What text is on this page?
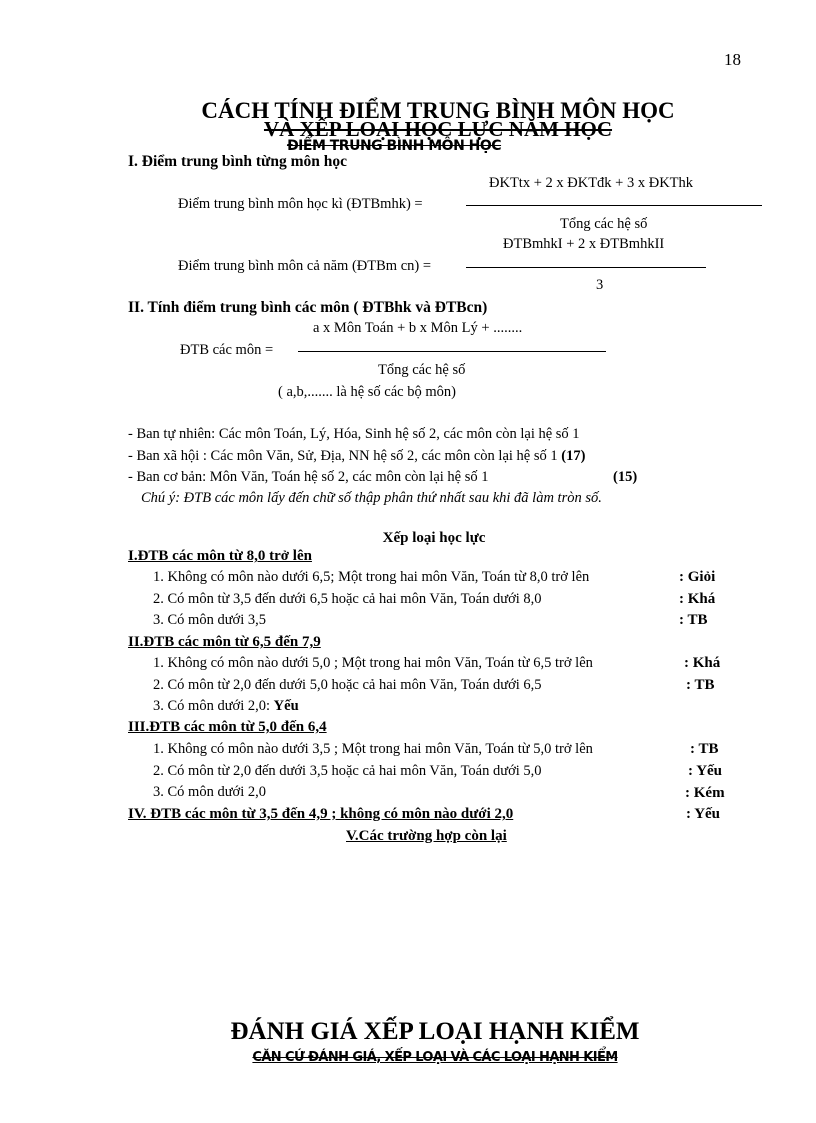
18
CÁCH TÍNH ĐIỂM TRUNG BÌNH MÔN HỌC
VÀ XẾP LOẠI HỌC LỰC NĂM HỌC
ĐIỂM TRUNG BÌNH MÔN HỌC
I. Điểm trung bình từng môn học
ĐKTtx + 2 x ĐKTđk + 3 x ĐKThk
Điểm trung bình môn học kì (ĐTBmhk) =
Tổng các hệ số
ĐTBmhkI + 2 x ĐTBmhkII
Điểm trung bình môn cả năm (ĐTBm cn) =
3
II. Tính điểm trung bình các môn ( ĐTBhk và ĐTBcn)
a x Môn Toán + b x Môn Lý + ........
ĐTB các môn =
Tổng các hệ số
( a,b,....... là hệ số các bộ môn)
- Ban tự nhiên: Các môn Toán, Lý, Hóa, Sinh hệ số 2, các môn còn lại hệ số 1
- Ban xã hội : Các môn Văn, Sử, Địa, NN hệ số 2, các môn còn lại hệ số 1 (17)
- Ban cơ bản: Môn Văn, Toán hệ số 2, các môn còn lại hệ số 1	(15)
Chú ý: ĐTB các môn lấy đến chữ số thập phân thứ nhất sau khi đã làm tròn số.
Xếp loại học lực
I.ĐTB các môn từ 8,0 trở lên
1. Không có môn nào dưới 6,5; Một trong hai môn Văn, Toán từ 8,0 trở lên	: Giỏi
2. Có môn từ 3,5 đến dưới 6,5 hoặc cả hai môn Văn, Toán dưới 8,0	: Khá
3. Có môn dưới 3,5	: TB
II.ĐTB các môn từ 6,5 đến 7,9
1. Không có môn nào dưới 5,0 ; Một trong hai môn Văn, Toán từ 6,5 trở lên	: Khá
2. Có môn từ 2,0 đến dưới 5,0 hoặc cả hai môn Văn, Toán dưới 6,5	: TB
3. Có môn dưới 2,0: Yếu
III.ĐTB các môn từ 5,0 đến 6,4
1. Không có môn nào dưới 3,5 ; Một trong hai môn Văn, Toán từ 5,0 trở lên	: TB
2. Có môn từ 2,0 đến dưới 3,5 hoặc cả hai môn Văn, Toán dưới 5,0	: Yếu
3. Có môn dưới 2,0	: Kém
IV. ĐTB các môn từ 3,5 đến 4,9 ; không có môn nào dưới 2,0	: Yếu
V.Các trường hợp còn lại
ĐÁNH GIÁ XẾP LOẠI HẠNH KIỂM
CĂN CỨ ĐÁNH GIÁ, XẾP LOẠI VÀ CÁC LOẠI HẠNH KIỂM
